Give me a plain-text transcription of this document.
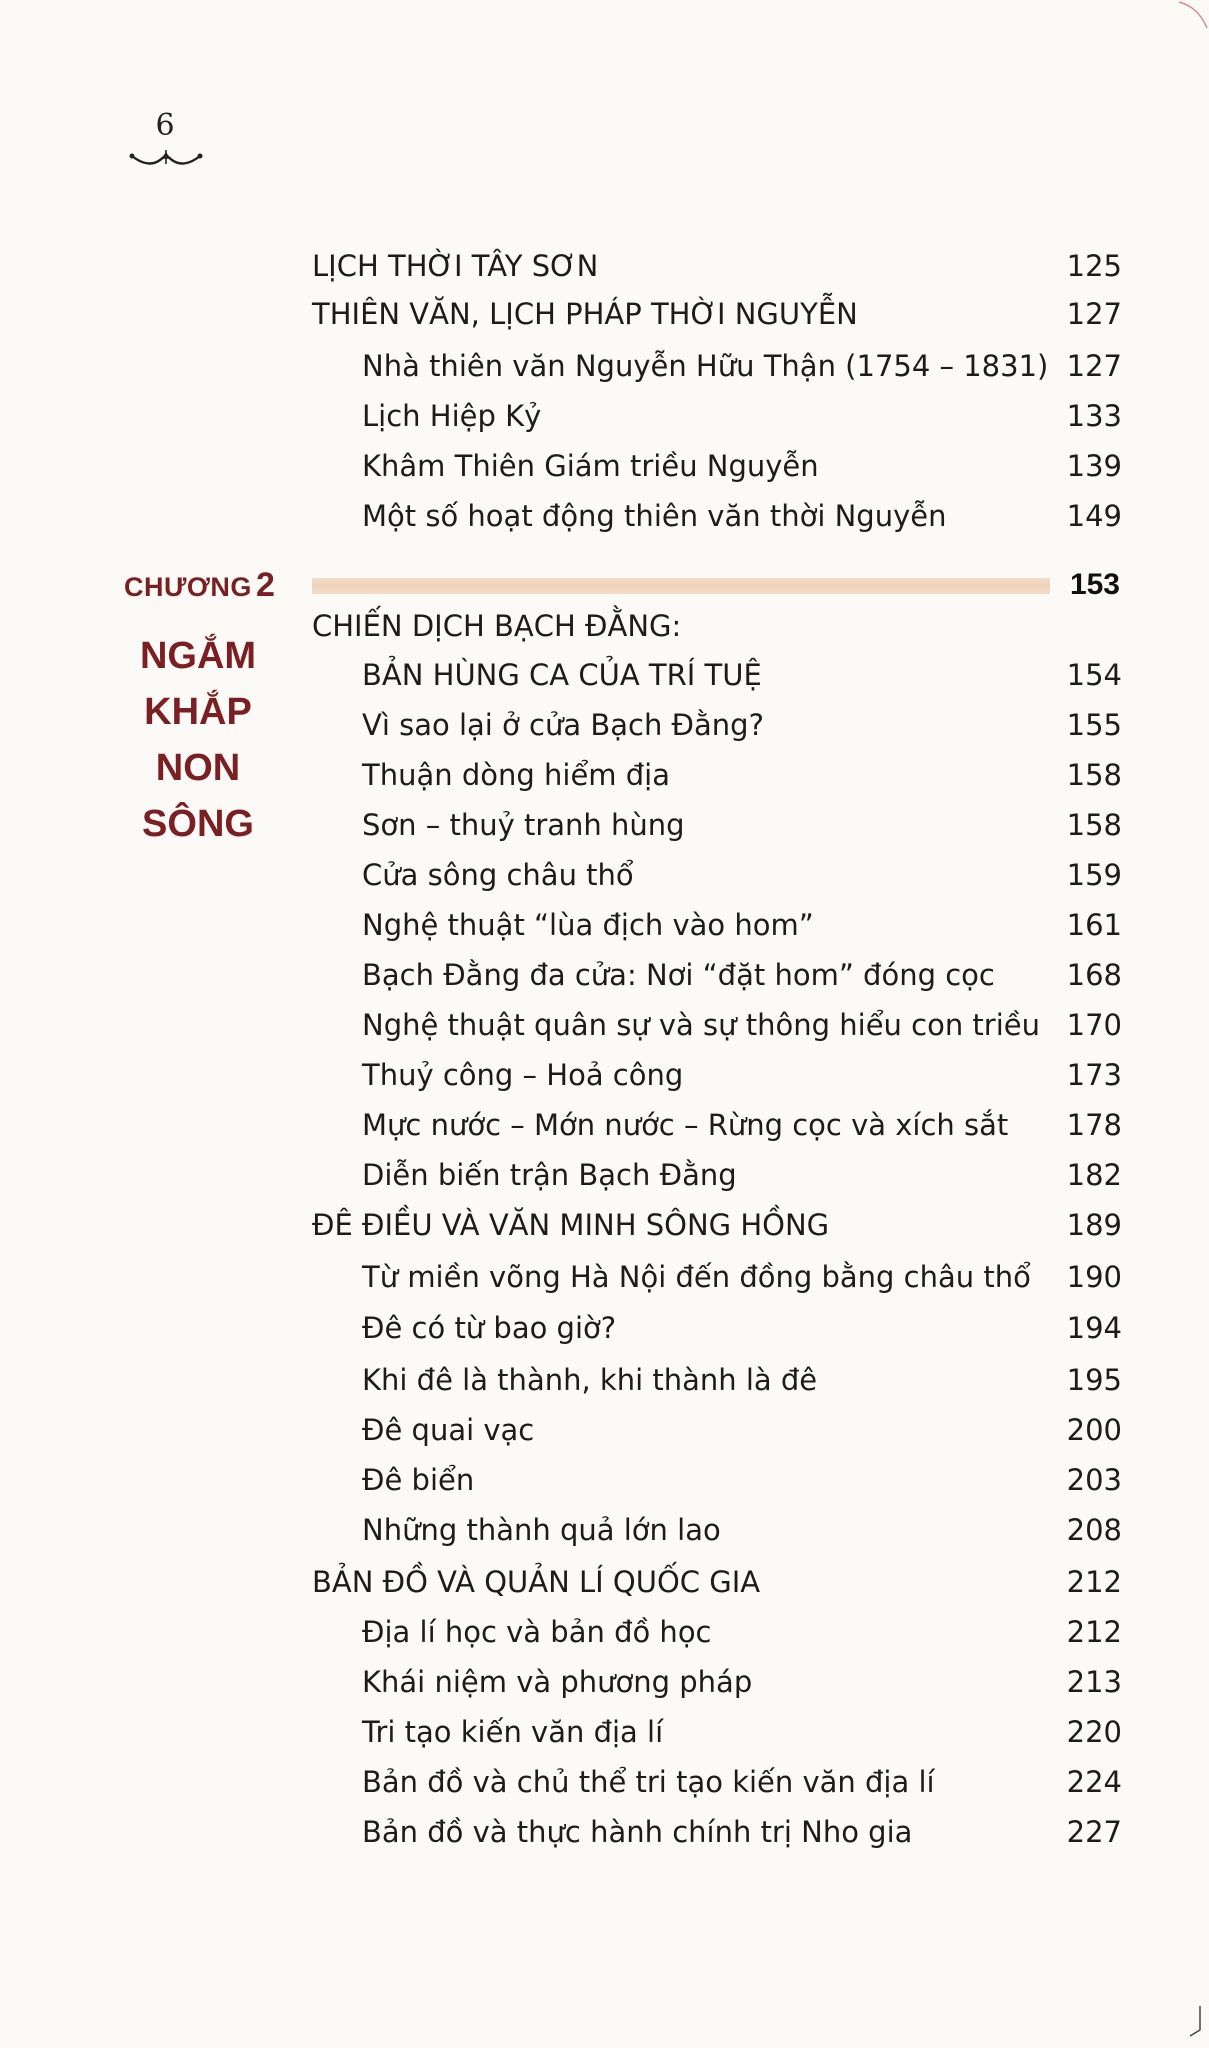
6
LỊCH THỜI TÂY SƠN	125
THIÊN VĂN, LỊCH PHÁP THỜI NGUYỄN	127
Nhà thiên văn Nguyễn Hữu Thận (1754 – 1831) 127
Lịch Hiệp Kỷ	133
Khâm Thiên Giám triều Nguyễn	139
Một số hoạt động thiên văn thời Nguyễn	149
CHƯƠNG 2	153
NGẮM
KHẮP
NON
SÔNG
CHIẾN DỊCH BẠCH ĐẰNG:
BẢN HÙNG CA CỦA TRÍ TUỆ	154
Vì sao lại ở cửa Bạch Đằng?	155
Thuận dòng hiểm địa	158
Sơn – thuỷ tranh hùng	158
Cửa sông châu thổ	159
Nghệ thuật “lùa địch vào hom”	161
Bạch Đằng đa cửa: Nơi “đặt hom” đóng cọc	168
Nghệ thuật quân sự và sự thông hiểu con triều 170
Thuỷ công – Hoả công	173
Mực nước – Mớn nước – Rừng cọc và xích sắt	178
Diễn biến trận Bạch Đằng	182
ĐÊ ĐIỀU VÀ VĂN MINH SÔNG HỒNG	189
Từ miền võng Hà Nội đến đồng bằng châu thổ	190
Đê có từ bao giờ?	194
Khi đê là thành, khi thành là đê	195
Đê quai vạc	200
Đê biển	203
Những thành quả lớn lao	208
BẢN ĐỒ VÀ QUẢN LÍ QUỐC GIA	212
Địa lí học và bản đồ học	212
Khái niệm và phương pháp	213
Tri tạo kiến văn địa lí	220
Bản đồ và chủ thể tri tạo kiến văn địa lí	224
Bản đồ và thực hành chính trị Nho gia	227
